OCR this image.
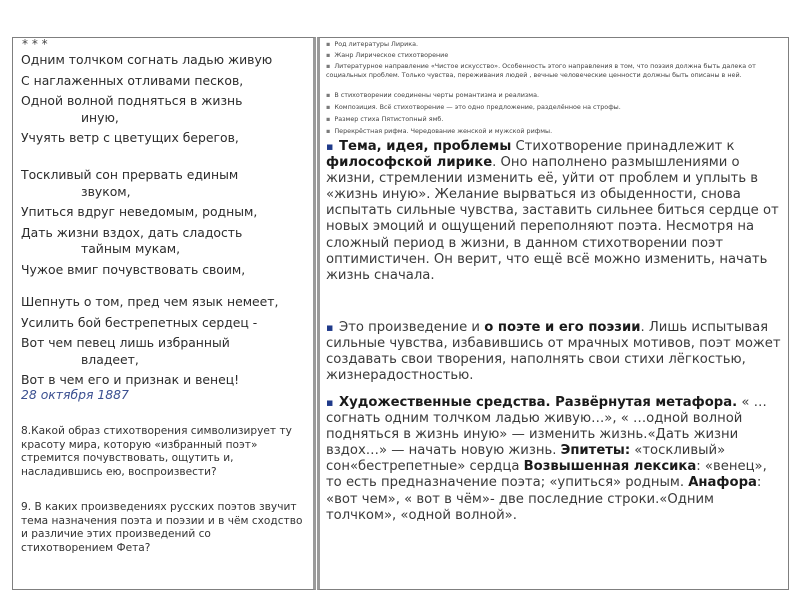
* * *
Одним толчком согнать ладью живую
С наглаженных отливами песков,
Одной волной подняться в жизнь
иную,
Учуять ветр с цветущих берегов,
Тоскливый сон прервать единым
звуком,
Упиться вдруг неведомым, родным,
Дать жизни вздох, дать сладость
тайным мукам,
Чужое вмиг почувствовать своим,
Шепнуть о том, пред чем язык немеет,
Усилить бой бестрепетных сердец -
Вот чем певец лишь избранный
владеет,
Вот в чем его и признак и венец!
28 октября 1887
8.Какой образ стихотворения символизирует ту красоту мира, которую «избранный поэт» стремится почувствовать, ощутить и, насладившись ею, воспроизвести?
9. В каких произведениях русских поэтов звучит тема назначения поэта и поэзии и в чём сходство и различие этих произведений со стихотворением Фета?
▪ Род литературы Лирика.
▪ Жанр Лирическое стихотворение
▪ Литературное направление «Чистое искусство». Особенность этого направления в том, что поэзия должна быть далека от социальных проблем. Только чувства, переживания людей , вечные человеческие ценности должны быть описаны в ней.
▪ В стихотворении соединены черты романтизма и реализма.
▪ Композиция. Всё стихотворение — это одно предложение, разделённое на строфы.
▪ Размер стиха Пятистопный ямб.
▪ Перекрёстная рифма. Чередование женской и мужской рифмы.
▪ Тема, идея, проблемы Стихотворение принадлежит к философской лирике. Оно наполнено размышлениями о жизни, стремлении изменить её, уйти от проблем и уплыть в «жизнь иную». Желание вырваться из обыденности, снова испытать сильные чувства, заставить сильнее биться сердце от новых эмоций и ощущений переполняют поэта. Несмотря на сложный период в жизни, в данном стихотворении поэт оптимистичен. Он верит, что ещё всё можно изменить, начать жизнь сначала.
▪ Это произведение и о поэте и его поэзии. Лишь испытывая сильные чувства, избавившись от мрачных мотивов, поэт может создавать свои творения, наполнять свои стихи лёгкостью, жизнерадостностью.
▪ Художественные средства. Развёрнутая метафора. « …согнать одним толчком ладью живую…», « …одной волной подняться в жизнь иную» — изменить жизнь.«Дать жизни вздох…» — начать новую жизнь. Эпитеты: «тоскливый» сон«бестрепетные» сердца Возвышенная лексика: «венец», то есть предназначение поэта; «упиться» родным. Анафора: «вот чем», « вот в чём»- две последние строки.«Одним толчком», «одной волной».
